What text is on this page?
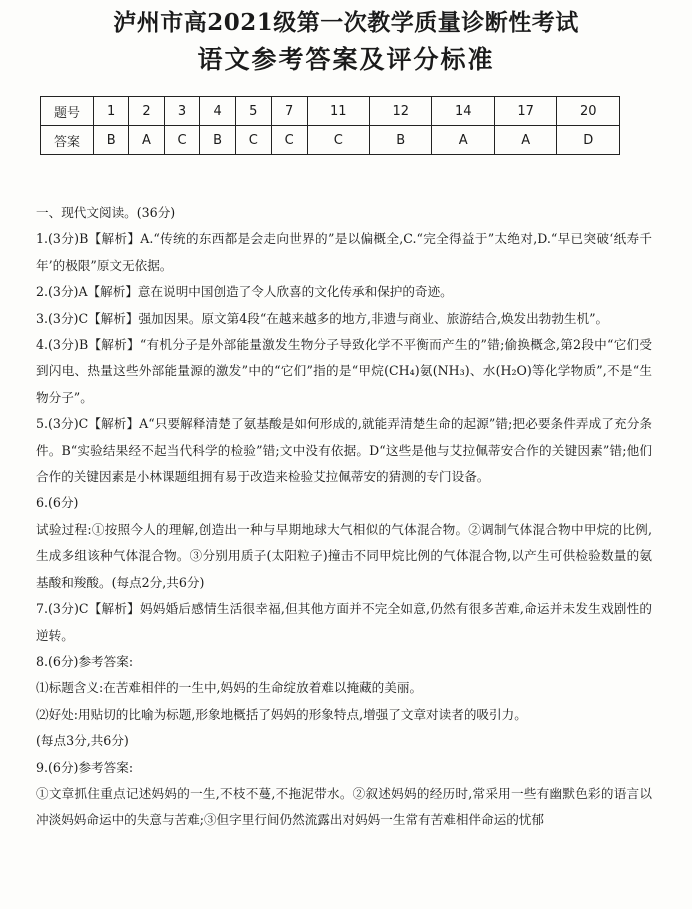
泸州市高2021级第一次教学质量诊断性考试
语文参考答案及评分标准
题号	1	2	3	4	5	7	11	12	14	17	20
答案	B	A	C	B	C	C	C	B	A	A	D

一、现代文阅读。(36分)

1.(3分)B【解析】A.“传统的东西都是会走向世界的”是以偏概全,C.“完全得益于”太绝对,D.“早已突破‘纸寿千年’的极限”原文无依据。

2.(3分)A【解析】意在说明中国创造了令人欣喜的文化传承和保护的奇迹。

3.(3分)C【解析】强加因果。原文第4段“在越来越多的地方,非遗与商业、旅游结合,焕发出勃勃生机”。

4.(3分)B【解析】“有机分子是外部能量激发生物分子导致化学不平衡而产生的”错;偷换概念,第2段中“它们受到闪电、热量这些外部能量源的激发”中的“它们”指的是“甲烷(CH₄)氨(NH₃)、水(H₂O)等化学物质”,不是“生物分子”。

5.(3分)C【解析】A“只要解释清楚了氨基酸是如何形成的,就能弄清楚生命的起源”错;把必要条件弄成了充分条件。B“实验结果经不起当代科学的检验”错;文中没有依据。D“这些是他与艾拉佩蒂安合作的关键因素”错;他们合作的关键因素是小林课题组拥有易于改造来检验艾拉佩蒂安的猜测的专门设备。

6.(6分)

试验过程:①按照今人的理解,创造出一种与早期地球大气相似的气体混合物。②调制气体混合物中甲烷的比例,生成多组该种气体混合物。③分别用质子(太阳粒子)撞击不同甲烷比例的气体混合物,以产生可供检验数量的氨基酸和羧酸。(每点2分,共6分)

7.(3分)C【解析】妈妈婚后感情生活很幸福,但其他方面并不完全如意,仍然有很多苦难,命运并未发生戏剧性的逆转。

8.(6分)参考答案:

⑴标题含义:在苦难相伴的一生中,妈妈的生命绽放着难以掩藏的美丽。

⑵好处:用贴切的比喻为标题,形象地概括了妈妈的形象特点,增强了文章对读者的吸引力。

(每点3分,共6分)

9.(6分)参考答案:

①文章抓住重点记述妈妈的一生,不枝不蔓,不拖泥带水。②叙述妈妈的经历时,常采用一些有幽默色彩的语言以冲淡妈妈命运中的失意与苦难;③但字里行间仍然流露出对妈妈一生常有苦难相伴命运的忧郁
